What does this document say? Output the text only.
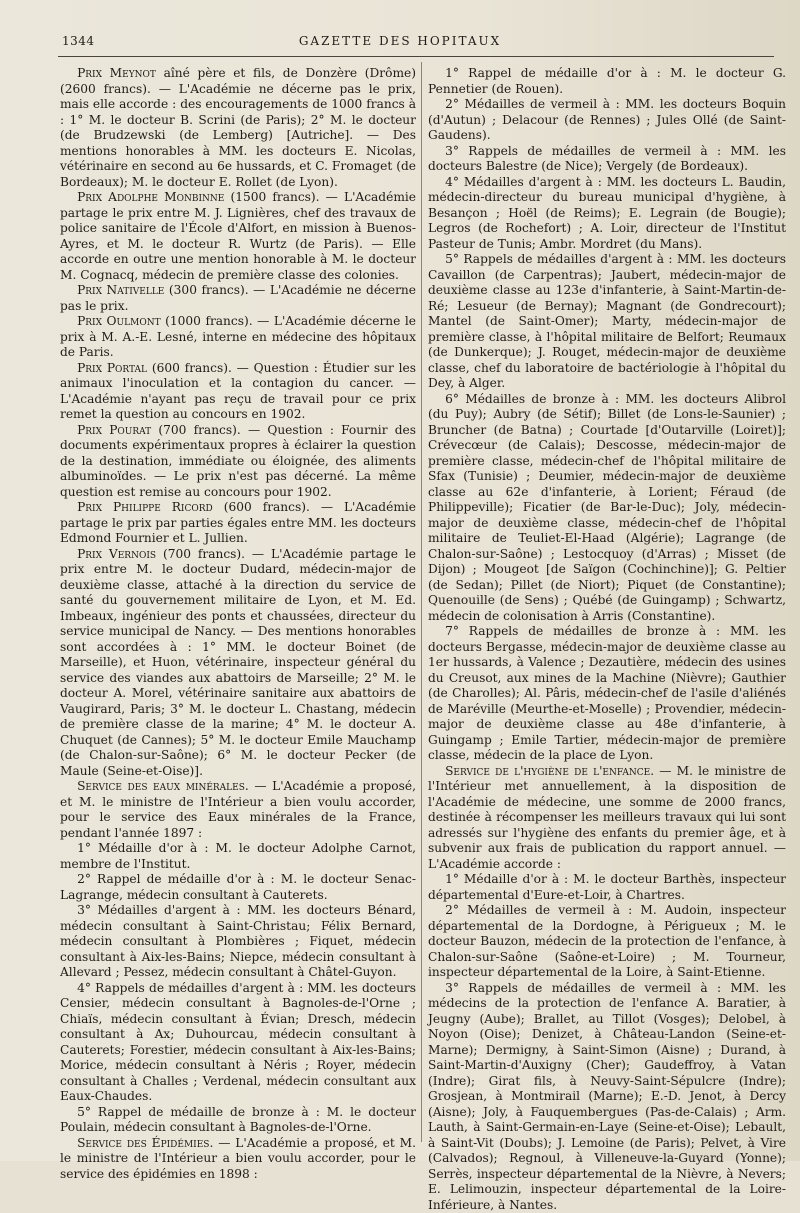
1344	GAZETTE DES HOPITAUX

Prix Meynot aîné père et fils, de Donzère (Drôme) (2600 francs). — L'Académie ne décerne pas le prix, mais elle accorde : des encouragements de 1000 francs à : 1° M. le docteur B. Scrini (de Paris); 2° M. le docteur (de Brudzewski (de Lemberg) [Autriche]. — Des mentions honorables à MM. les docteurs E. Nicolas, vétérinaire en second au 6e hussards, et C. Fromaget (de Bordeaux); M. le docteur E. Rollet (de Lyon).

Prix Adolphe Monbinne (1500 francs). — L'Académie partage le prix entre M. J. Lignières, chef des travaux de police sanitaire de l'École d'Alfort, en mission à Buenos-Ayres, et M. le docteur R. Wurtz (de Paris). — Elle accorde en outre une mention honorable à M. le docteur M. Cognacq, médecin de première classe des colonies.

Prix Nativelle (300 francs). — L'Académie ne décerne pas le prix.

Prix Oulmont (1000 francs). — L'Académie décerne le prix à M. A.-E. Lesné, interne en médecine des hôpitaux de Paris.

Prix Portal (600 francs). — Question : Étudier sur les animaux l'inoculation et la contagion du cancer. — L'Académie n'ayant pas reçu de travail pour ce prix remet la question au concours en 1902.

Prix Pourat (700 francs). — Question : Fournir des documents expérimentaux propres à éclairer la question de la destination, immédiate ou éloignée, des aliments albuminoïdes. — Le prix n'est pas décerné. La même question est remise au concours pour 1902.

Prix Philippe Ricord (600 francs). — L'Académie partage le prix par parties égales entre MM. les docteurs Edmond Fournier et L. Jullien.

Prix Vernois (700 francs). — L'Académie partage le prix entre M. le docteur Dudard, médecin-major de deuxième classe, attaché à la direction du service de santé du gouvernement militaire de Lyon, et M. Ed. Imbeaux, ingénieur des ponts et chaussées, directeur du service municipal de Nancy. — Des mentions honorables sont accordées à : 1° MM. le docteur Boinet (de Marseille), et Huon, vétérinaire, inspecteur général du service des viandes aux abattoirs de Marseille; 2° M. le docteur A. Morel, vétérinaire sanitaire aux abattoirs de Vaugirard, Paris; 3° M. le docteur L. Chastang, médecin de première classe de la marine; 4° M. le docteur A. Chuquet (de Cannes); 5° M. le docteur Emile Mauchamp (de Chalon-sur-Saône); 6° M. le docteur Pecker (de Maule (Seine-et-Oise)].

Service des eaux minérales. — L'Académie a proposé, et M. le ministre de l'Intérieur a bien voulu accorder, pour le service des Eaux minérales de la France, pendant l'année 1897 :

1° Médaille d'or à : M. le docteur Adolphe Carnot, membre de l'Institut.

2° Rappel de médaille d'or à : M. le docteur Senac-Lagrange, médecin consultant à Cauterets.

3° Médailles d'argent à : MM. les docteurs Bénard, médecin consultant à Saint-Christau; Félix Bernard, médecin consultant à Plombières ; Fiquet, médecin consultant à Aix-les-Bains; Niepce, médecin consultant à Allevard ; Pessez, médecin consultant à Châtel-Guyon.

4° Rappels de médailles d'argent à : MM. les docteurs Censier, médecin consultant à Bagnoles-de-l'Orne ; Chiaïs, médecin consultant à Évian; Dresch, médecin consultant à Ax; Duhourcau, médecin consultant à Cauterets; Forestier, médecin consultant à Aix-les-Bains; Morice, médecin consultant à Néris ; Royer, médecin consultant à Challes ; Verdenal, médecin consultant aux Eaux-Chaudes.

5° Rappel de médaille de bronze à : M. le docteur Poulain, médecin consultant à Bagnoles-de-l'Orne.

Service des Épidémies. — L'Académie a proposé, et M. le ministre de l'Intérieur a bien voulu accorder, pour le service des épidémies en 1898 :

1° Rappel de médaille d'or à : M. le docteur G. Pennetier (de Rouen).

2° Médailles de vermeil à : MM. les docteurs Boquin (d'Autun) ; Delacour (de Rennes) ; Jules Ollé (de Saint-Gaudens).

3° Rappels de médailles de vermeil à : MM. les docteurs Balestre (de Nice); Vergely (de Bordeaux).

4° Médailles d'argent à : MM. les docteurs L. Baudin, médecin-directeur du bureau municipal d'hygiène, à Besançon ; Hoël (de Reims); E. Legrain (de Bougie); Legros (de Rochefort) ; A. Loir, directeur de l'Institut Pasteur de Tunis; Ambr. Mordret (du Mans).

5° Rappels de médailles d'argent à : MM. les docteurs Cavaillon (de Carpentras); Jaubert, médecin-major de deuxième classe au 123e d'infanterie, à Saint-Martin-de-Ré; Lesueur (de Bernay); Magnant (de Gondrecourt); Mantel (de Saint-Omer); Marty, médecin-major de première classe, à l'hôpital militaire de Belfort; Reumaux (de Dunkerque); J. Rouget, médecin-major de deuxième classe, chef du laboratoire de bactériologie à l'hôpital du Dey, à Alger.

6° Médailles de bronze à : MM. les docteurs Alibrol (du Puy); Aubry (de Sétif); Billet (de Lons-le-Saunier) ; Bruncher (de Batna) ; Courtade [d'Outarville (Loiret)]; Crévecœur (de Calais); Descosse, médecin-major de première classe, médecin-chef de l'hôpital militaire de Sfax (Tunisie) ; Deumier, médecin-major de deuxième classe au 62e d'infanterie, à Lorient; Féraud (de Philippeville); Ficatier (de Bar-le-Duc); Joly, médecin-major de deuxième classe, médecin-chef de l'hôpital militaire de Teuliet-El-Haad (Algérie); Lagrange (de Chalon-sur-Saône) ; Lestocquoy (d'Arras) ; Misset (de Dijon) ; Mougeot [de Saïgon (Cochinchine)]; G. Peltier (de Sedan); Pillet (de Niort); Piquet (de Constantine); Quenouille (de Sens) ; Québé (de Guingamp) ; Schwartz, médecin de colonisation à Arris (Constantine).

7° Rappels de médailles de bronze à : MM. les docteurs Bergasse, médecin-major de deuxième classe au 1er hussards, à Valence ; Dezautière, médecin des usines du Creusot, aux mines de la Machine (Nièvre); Gauthier (de Charolles); Al. Pâris, médecin-chef de l'asile d'aliénés de Maréville (Meurthe-et-Moselle) ; Provendier, médecin-major de deuxième classe au 48e d'infanterie, à Guingamp ; Emile Tartier, médecin-major de première classe, médecin de la place de Lyon.

Service de l'hygiène de l'enfance. — M. le ministre de l'Intérieur met annuellement, à la disposition de l'Académie de médecine, une somme de 2000 francs, destinée à récompenser les meilleurs travaux qui lui sont adressés sur l'hygiène des enfants du premier âge, et à subvenir aux frais de publication du rapport annuel. — L'Académie accorde :

1° Médaille d'or à : M. le docteur Barthès, inspecteur départemental d'Eure-et-Loir, à Chartres.

2° Médailles de vermeil à : M. Audoin, inspecteur départemental de la Dordogne, à Périgueux ; M. le docteur Bauzon, médecin de la protection de l'enfance, à Chalon-sur-Saône (Saône-et-Loire) ; M. Tourneur, inspecteur départemental de la Loire, à Saint-Etienne.

3° Rappels de médailles de vermeil à : MM. les médecins de la protection de l'enfance A. Baratier, à Jeugny (Aube); Brallet, au Tillot (Vosges); Delobel, à Noyon (Oise); Denizet, à Château-Landon (Seine-et-Marne); Dermigny, à Saint-Simon (Aisne) ; Durand, à Saint-Martin-d'Auxigny (Cher); Gaudeffroy, à Vatan (Indre); Girat fils, à Neuvy-Saint-Sépulcre (Indre); Grosjean, à Montmirail (Marne); E.-D. Jenot, à Dercy (Aisne); Joly, à Fauquembergues (Pas-de-Calais) ; Arm. Lauth, à Saint-Germain-en-Laye (Seine-et-Oise); Lebault, à Saint-Vit (Doubs); J. Lemoine (de Paris); Pelvet, à Vire (Calvados); Regnoul, à Villeneuve-la-Guyard (Yonne); Serrès, inspecteur départemental de la Nièvre, à Nevers; E. Lelimouzin, inspecteur départemental de la Loire-Inférieure, à Nantes.
